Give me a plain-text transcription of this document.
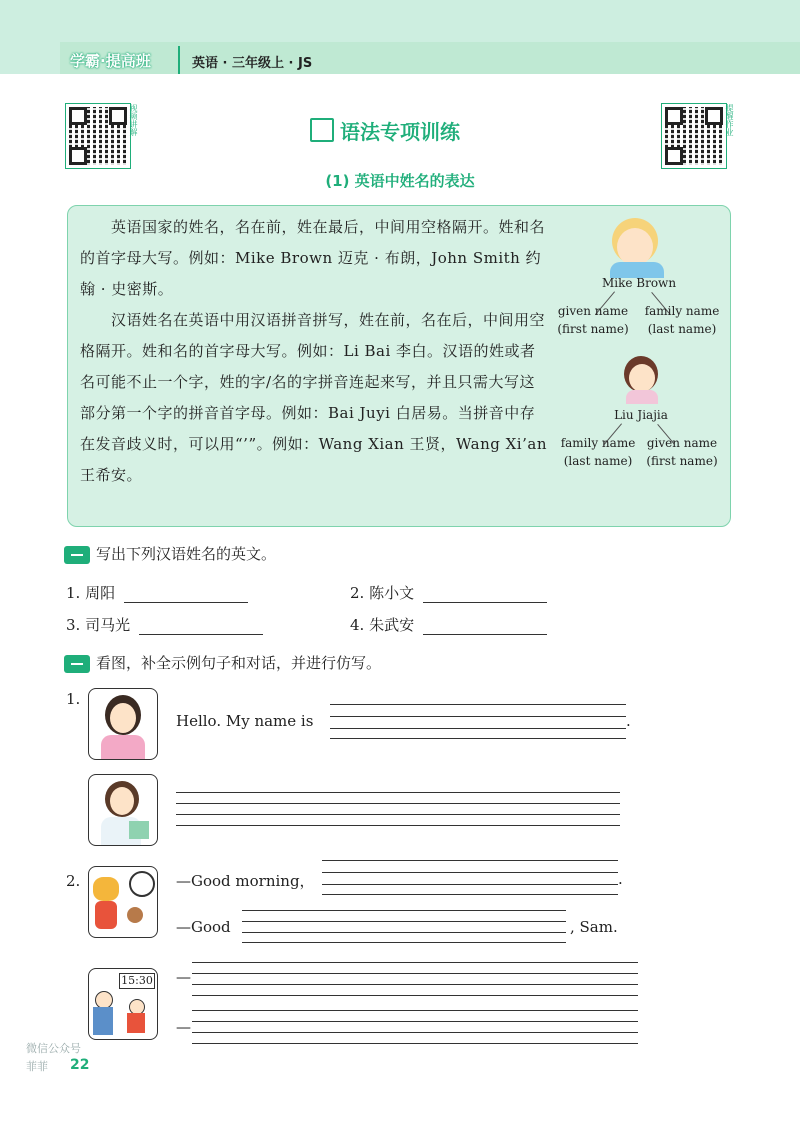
学霸·提高班	英语 · 三年级上 · JS
视频讲解	提醒作业
语法专项训练
(1) 英语中姓名的表达

英语国家的姓名，名在前，姓在最后，中间用空格隔开。姓和名的首字母大写。例如：Mike Brown 迈克 · 布朗，John Smith 约翰 · 史密斯。

汉语姓名在英语中用汉语拼音拼写，姓在前，名在后，中间用空格隔开。姓和名的首字母大写。例如：Li Bai 李白。汉语的姓或者名可能不止一个字，姓的字/名的字拼音连起来写，并且只需大写这部分第一个字的拼音首字母。例如：Bai Juyi 白居易。当拼音中存在发音歧义时，可以用“’”。例如：Wang Xian 王贤，Wang Xi’an 王希安。

Mike Brown
given name
(first name)
family name
(last name)
Liu Jiajia
family name
(last name)
given name
(first name)
写出下列汉语姓名的英文。
1. 周阳	2. 陈小文
3. 司马光	4. 朱武安
看图，补全示例句子和对话，并进行仿写。
1.
Hello. My name is	.
2.	—Good morning，	.
—Good	, Sam.
15:30 —
—
微信公众号
菲菲	22
